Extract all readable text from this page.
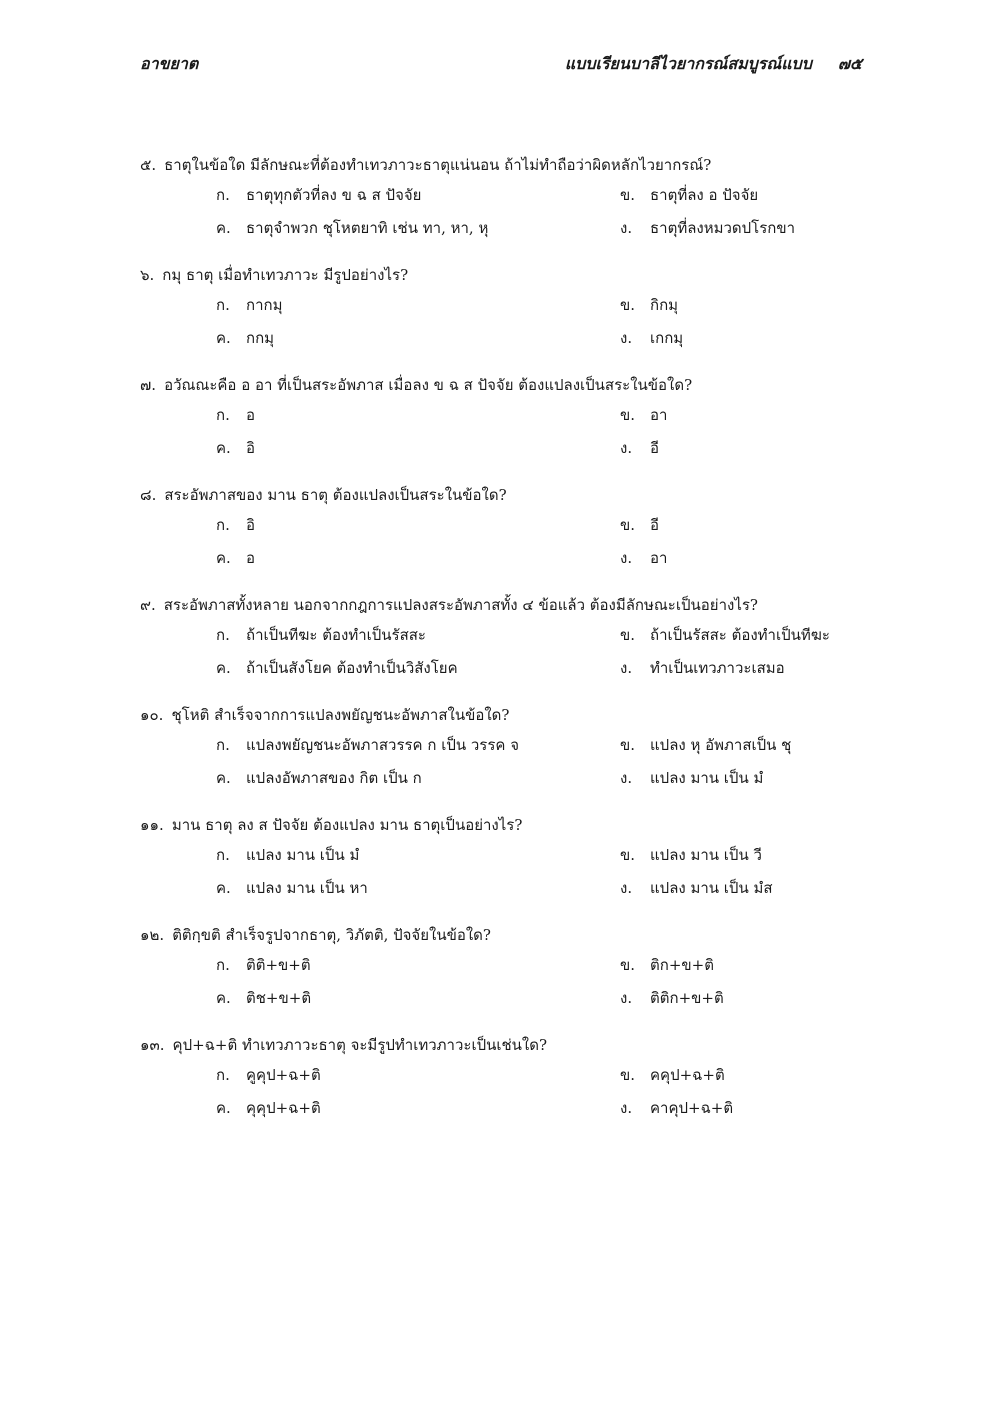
อาขยาต	แบบเรียนบาลีไวยากรณ์สมบูรณ์แบบ ๗๕
๕. ธาตุในข้อใด มีลักษณะที่ต้องทำเทวภาวะธาตุแน่นอน ถ้าไม่ทำถือว่าผิดหลักไวยากรณ์?
ก. ธาตุทุกตัวที่ลง ข ฉ ส ปัจจัย	ข. ธาตุที่ลง อ ปัจจัย
ค. ธาตุจำพวก ชุโหตยาทิ เช่น ทา, หา, หุ	ง. ธาตุที่ลงหมวดปโรกขา
๖. กมุ ธาตุ เมื่อทำเทวภาวะ มีรูปอย่างไร?
ก. กากมุ	ข. กิกมุ
ค. กกมุ	ง. เกกมุ
๗. อวัณณะคือ อ อา ที่เป็นสระอัพภาส เมื่อลง ข ฉ ส ปัจจัย ต้องแปลงเป็นสระในข้อใด?
ก. อ	ข. อา
ค. อิ	ง. อี
๘. สระอัพภาสของ มาน ธาตุ ต้องแปลงเป็นสระในข้อใด?
ก. อิ	ข. อี
ค. อ	ง. อา
๙. สระอัพภาสทั้งหลาย นอกจากกฎการแปลงสระอัพภาสทั้ง ๔ ข้อแล้ว ต้องมีลักษณะเป็นอย่างไร?
ก. ถ้าเป็นทีฆะ ต้องทำเป็นรัสสะ	ข. ถ้าเป็นรัสสะ ต้องทำเป็นทีฆะ
ค. ถ้าเป็นสังโยค ต้องทำเป็นวิสังโยค	ง. ทำเป็นเทวภาวะเสมอ
๑๐. ชุโหติ สำเร็จจากการแปลงพยัญชนะอัพภาสในข้อใด?
ก. แปลงพยัญชนะอัพภาสวรรค ก เป็น วรรค จ	ข. แปลง หุ อัพภาสเป็น ชุ
ค. แปลงอัพภาสของ กิต เป็น ก	ง. แปลง มาน เป็น มํ
๑๑. มาน ธาตุ ลง ส ปัจจัย ต้องแปลง มาน ธาตุเป็นอย่างไร?
ก. แปลง มาน เป็น มํ	ข. แปลง มาน เป็น วี
ค. แปลง มาน เป็น หา	ง. แปลง มาน เป็น มํส
๑๒. ติติกฺขติ สำเร็จรูปจากธาตุ, วิภัตติ, ปัจจัยในข้อใด?
ก. ติติ+ข+ติ	ข. ติก+ข+ติ
ค. ติช+ข+ติ	ง. ติติก+ข+ติ
๑๓. คุป+ฉ+ติ ทำเทวภาวะธาตุ จะมีรูปทำเทวภาวะเป็นเช่นใด?
ก. คูคุป+ฉ+ติ	ข. คคุป+ฉ+ติ
ค. คุคุป+ฉ+ติ	ง. คาคุป+ฉ+ติ
